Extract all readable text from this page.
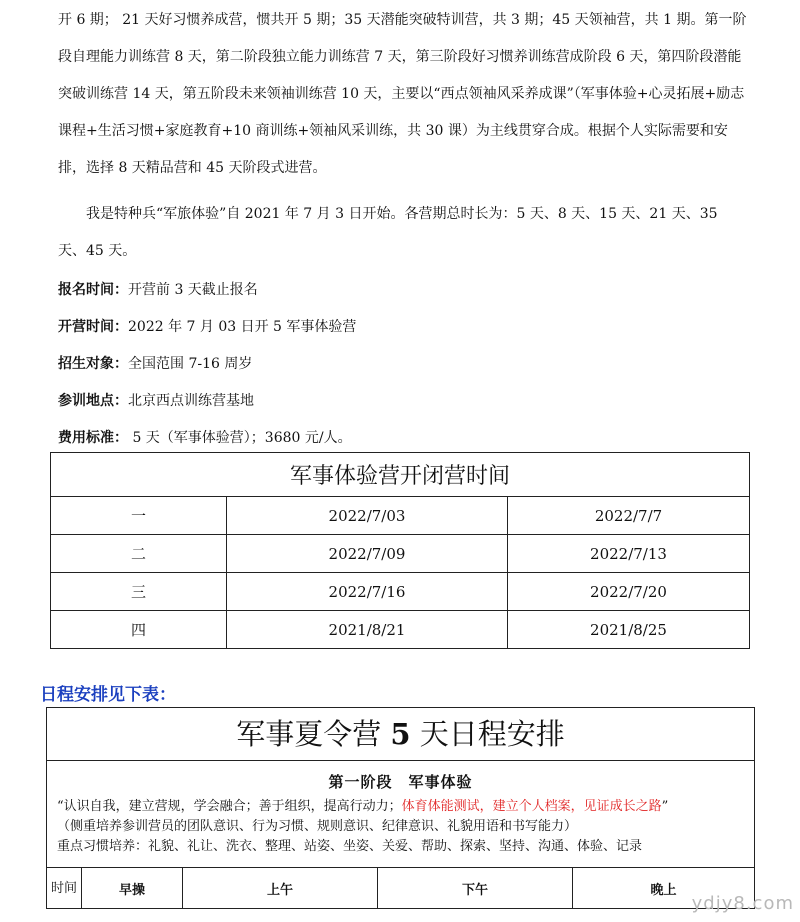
开 6 期； 21 天好习惯养成营，惯共开 5 期；35 天潜能突破特训营，共 3 期；45 天领袖营，共 1 期。第一阶段自理能力训练营 8 天，第二阶段独立能力训练营 7 天，第三阶段好习惯养训练营成阶段 6 天，第四阶段潜能突破训练营 14 天，第五阶段未来领袖训练营 10 天，主要以“西点领袖风采养成课”（军事体验+心灵拓展+励志课程+生活习惯+家庭教育+10 商训练+领袖风采训练，共 30 课）为主线贯穿合成。根据个人实际需要和安排，选择 8 天精品营和 45 天阶段式进营。
我是特种兵“军旅体验”自 2021 年 7 月 3 日开始。各营期总时长为：5 天、8 天、15 天、21 天、35 天、45 天。
报名时间：开营前 3 天截止报名
开营时间：2022 年 7 月 03 日开 5 军事体验营
招生对象：全国范围 7-16 周岁
参训地点：北京西点训练营基地
费用标准： 5 天（军事体验营）；3680 元/人。
军事体验营开闭营时间		
一	2022/7/03	2022/7/7
二	2022/7/09	2022/7/13
三	2022/7/16	2022/7/20
四	2021/8/21	2021/8/25
日程安排见下表：
军事夏令营 5 天日程安排
第一阶段　军事体验
“认识自我，建立营规，学会融合；善于组织，提高行动力；体育体能测试，建立个人档案，见证成长之路”
（侧重培养参训营员的团队意识、行为习惯、规则意识、纪律意识、礼貌用语和书写能力）
重点习惯培养：礼貌、礼让、洗衣、整理、站姿、坐姿、关爱、帮助、探索、坚持、沟通、体验、记录
时间	早操	上午	下午	晚上
ydjy8.com
